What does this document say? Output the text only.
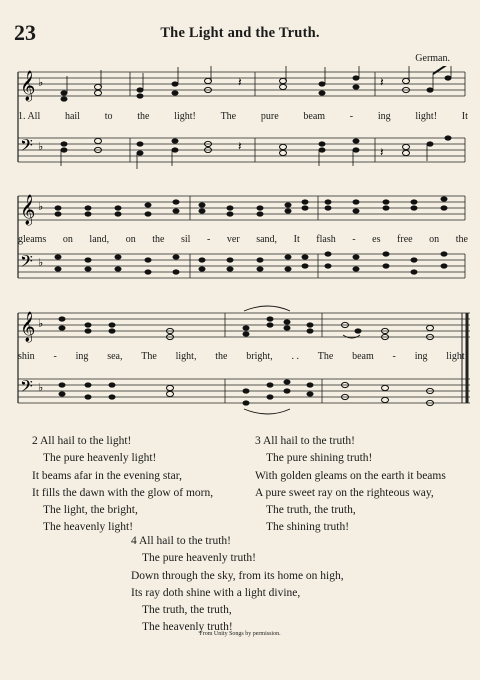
23	The Light and the Truth.
German.
𝄞
𝄢
♭
♭
𝄽
𝄽
𝄽
𝄽
1. All hail to the light! The pure beam - ing light! It
𝄞
𝄢
♭
♭
gleams on land, on the sil - ver sand, It flash - es free on the
𝄞
𝄢
♭
♭
shin - ing sea, The light, the bright, . . The beam - ing light!
2 All hail to the light!
The pure heavenly light!
It beams afar in the evening star,
It fills the dawn with the glow of morn,
The light, the bright,
The heavenly light!
3 All hail to the truth!
The pure shining truth!
With golden gleams on the earth it beams
A pure sweet ray on the righteous way,
The truth, the truth,
The shining truth!
4 All hail to the truth!
The pure heavenly truth!
Down through the sky, from its home on high,
Its ray doth shine with a light divine,
The truth, the truth,
The heavenly truth!
From Unity Songs by permission.
